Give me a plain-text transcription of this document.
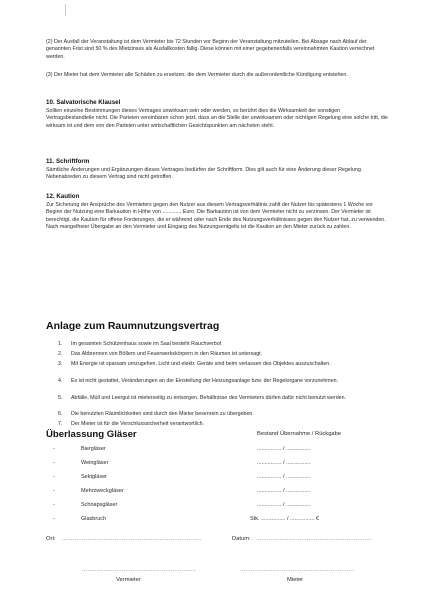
(2) Der Ausfall der Veranstaltung ist dem Vermieter bis 72 Stunden vor Beginn der Veranstaltung mitzuteilen. Bei Absage nach Ablauf der genannten Frist sind 50 % des Mietzinses als Ausfallkosten fällig. Diese können mit einer gegebenenfalls vereinnahmten Kaution verrechnet werden.
(3) Der Mieter hat dem Vermieter alle Schäden zu ersetzen, die dem Vermieter durch die außerordentliche Kündigung entstehen.
10. Salvatorische Klausel
Sollten einzelne Bestimmungen dieses Vertrages unwirksam sein oder werden, so berührt dies die Wirksamkeit der sonstigen Vertragsbestandteile nicht. Die Parteien vereinbaren schon jetzt, dass an die Stelle der unwirksamen oder nichtigen Regelung eine solche tritt, die wirksam ist und dem von den Parteien unter wirtschaftlichen Gesichtspunkten am nächsten steht.
11. Schriftform
Sämtliche Änderungen und Ergänzungen dieses Vertrages bedürfen der Schriftform. Dies gilt auch für eine Änderung dieser Regelung. Nebenabreden zu diesem Vertrag sind nicht getroffen.
12. Kaution
Zur Sicherung der Ansprüche des Vermieters gegen den Nutzer aus diesem Vertragsverhältnis zahlt der Nutzer bis spätestens 1 Woche vor Beginn der Nutzung eine Barkaution in Höhe von ............. Euro. Die Barkaution ist von dem Vermieter nicht zu verzinsen. Der Vermieter ist berechtigt, die Kaution für offene Forderungen, die er während oder nach Ende des Nutzungsverhältnisses gegen den Nutzer hat, zu verwenden. Nach mangelfreier Übergabe an den Vermieter und Eingang des Nutzungsentgelts ist die Kaution an den Mieter zurück zu zahlen.
Anlage zum Raumnutzungsvertrag
1. Im gesamten Schützenhaus sowie im Saal besteht Rauchverbot
2. Das Abbrennen von Böllern und Feuerwerkskörpern in den Räumen ist untersagt.
3. Mit Energie ist sparsam umzugehen. Licht und elektr. Geräte sind beim verlassen des Objektes auszuschalten.
4. Es ist nicht gestattet, Veränderungen an der Einstellung der Heizungsanlage bzw. der Regelorgane vorzunehmen.
5. Abfälle, Müll und Leergut ist mieterseitig zu entsorgen. Behältnisse des Vermieters dürfen dafür nicht benutzt werden.
6. Die benutzten Räumlichkeiten sind durch den Mieter besenrein zu übergeben.
7. Der Mieter ist für die Verschlusssicherheit verantwortlich.
Überlassung Gläser	Bestand Übernahme / Rückgabe
-	Biergläser	................ / ................
-	Weingläser	................ / ................
-	Sektgläser	................ / ................
-	Mehrzweckgläser	................ / ................
-	Schnapsgläser	................ / ................
-	Glasbruch	Stk. ................ / ................ €
Ort: .............................................................................	Datum: ................................................................
...............................................................	...............................................................
Vermieter	Mieter
